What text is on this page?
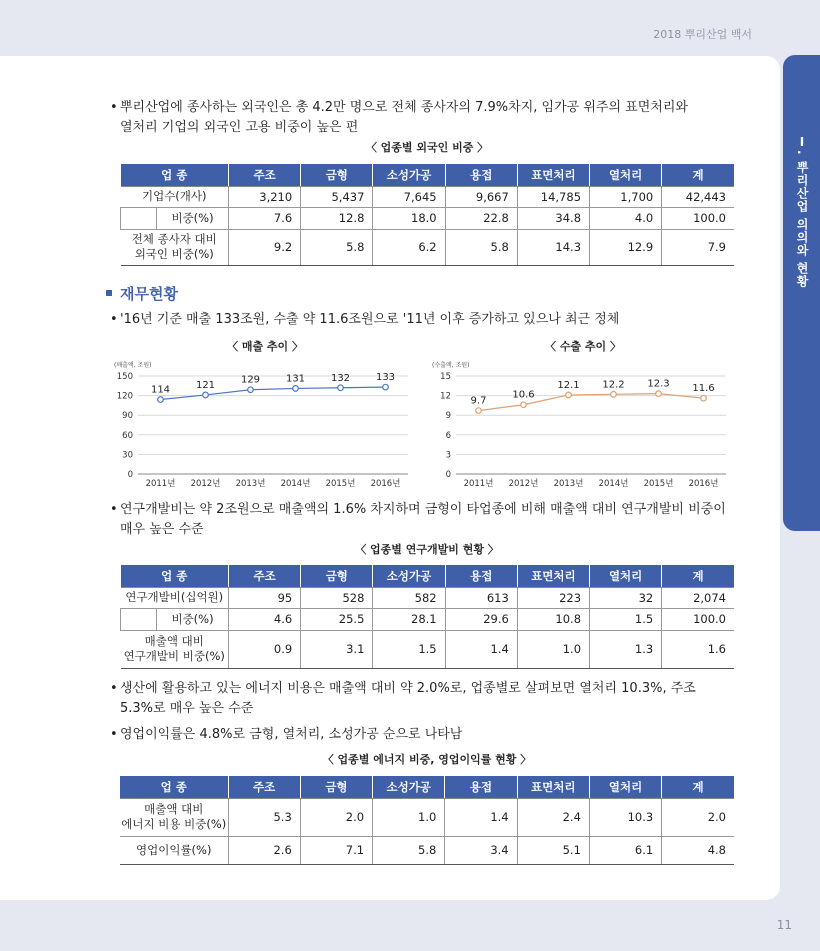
2018 뿌리산업 백서
Ⅰ. 뿌리산업 의의와 현황
• 뿌리산업에 종사하는 외국인은 총 4.2만 명으로 전체 종사자의 7.9%차지, 임가공 위주의 표면처리와
열처리 기업의 외국인 고용 비중이 높은 편
〈 업종별 외국인 비중 〉
업 종	주조	금형	소성가공	용접	표면처리	열처리	계
기업수(개사)	3,210	5,437	7,645	9,667	14,785	1,700	42,443

비중(%)	7.6	12.8	18.0	22.8	34.8	4.0	100.0
전체 종사자 대비
외국인 비중(%)	9.2	5.8	6.2	5.8	14.3	12.9	7.9
재무현황
• '16년 기준 매출 133조원, 수출 약 11.6조원으로 '11년 이후 증가하고 있으나 최근 정체
〈 매출 추이 〉
(매출액, 조원)
0
30
60
90
120
150
2011년 2012년 2013년 2014년 2015년 2016년
114	121	129	131	132	133
〈 수출 추이 〉
(수출액, 조원)
0
3
6
9
12
15
2011년 2012년 2013년 2014년 2015년 2016년
9.7
10.6
12.1 12.2 12.3 11.6
• 연구개발비는 약 2조원으로 매출액의 1.6% 차지하며 금형이 타업종에 비해 매출액 대비 연구개발비 비중이
매우 높은 수준
〈 업종별 연구개발비 현황 〉
업 종	주조	금형	소성가공	용접	표면처리	열처리	계
연구개발비(십억원)	95	528	582	613	223	32	2,074

비중(%)	4.6	25.5	28.1	29.6	10.8	1.5	100.0
매출액 대비
연구개발비 비중(%)	0.9	3.1	1.5	1.4	1.0	1.3	1.6
• 생산에 활용하고 있는 에너지 비용은 매출액 대비 약 2.0%로, 업종별로 살펴보면 열처리 10.3%, 주조
5.3%로 매우 높은 수준
• 영업이익률은 4.8%로 금형, 열처리, 소성가공 순으로 나타남
〈 업종별 에너지 비중, 영업이익률 현황 〉
업 종	주조	금형	소성가공	용접	표면처리	열처리	계
매출액 대비
에너지 비용 비중(%)	5.3	2.0	1.0	1.4	2.4	10.3	2.0
영업이익률(%)	2.6	7.1	5.8	3.4	5.1	6.1	4.8
11
